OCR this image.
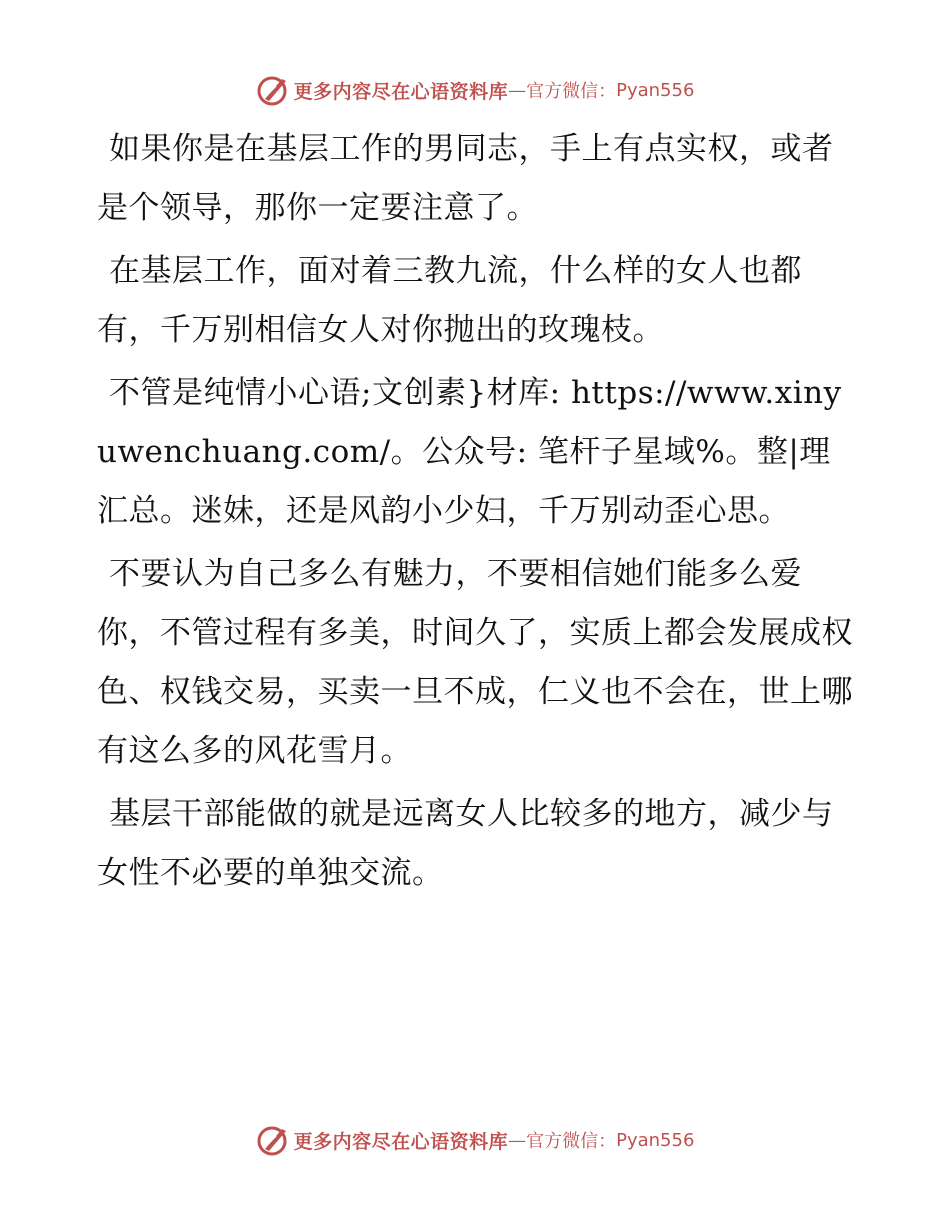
更多内容尽在心语资料库 — 官方微信： Pyan556

如果你是在基层工作的男同志，手上有点实权，或者是个领导，那你一定要注意了。

在基层工作，面对着三教九流，什么样的女人也都有，千万别相信女人对你抛出的玫瑰枝。

不管是纯情小心语;文创素}材库: https://www.xinyuwenchuang.com/。公众号: 笔杆子星域%。整|理汇总。迷妹，还是风韵小少妇，千万别动歪心思。

不要认为自己多么有魅力，不要相信她们能多么爱你，不管过程有多美，时间久了，实质上都会发展成权色、权钱交易，买卖一旦不成，仁义也不会在，世上哪有这么多的风花雪月。

基层干部能做的就是远离女人比较多的地方，减少与女性不必要的单独交流。

更多内容尽在心语资料库 — 官方微信： Pyan556
